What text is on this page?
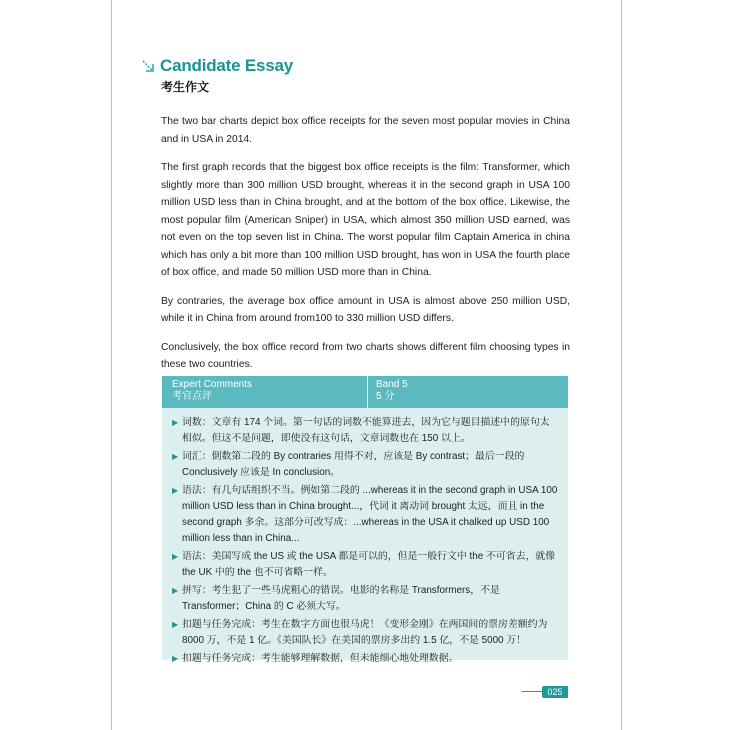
Candidate Essay
考生作文

The two bar charts depict box office receipts for the seven most popular movies in China and in USA in 2014.

The first graph records that the biggest box office receipts is the film: Transformer, which slightly more than 300 million USD brought, whereas it in the second graph in USA 100 million USD less than in China brought, and at the bottom of the box office. Likewise, the most popular film (American Sniper) in USA, which almost 350 million USD earned, was not even on the top seven list in China. The worst popular film Captain America in china which has only a bit more than 100 million USD brought, has won in USA the fourth place of box office, and made 50 million USD more than in China.

By contraries, the average box office amount in USA is almost above 250 million USD, while it in China from around from100 to 330 million USD differs.

Conclusively, the box office record from two charts shows different film choosing types in these two countries.

Expert Comments
考官点评
Band 5
5 分
▶ 词数：文章有 174 个词。第一句话的词数不能算进去，因为它与题目描述中的原句太相似。但这不是问题，即使没有这句话，文章词数也在 150 以上。
▶ 词汇：倒数第二段的 By contraries 用得不对，应该是 By contrast；最后一段的 Conclusively 应该是 In conclusion。
▶ 语法：有几句话组织不当。例如第二段的 ...whereas it in the second graph in USA 100 million USD less than in China brought...，代词 it 离动词 brought 太远，而且 in the second graph 多余。这部分可改写成：...whereas in the USA it chalked up USD 100 million less than in China...
▶ 语法：美国写成 the US 或 the USA 都是可以的，但是一般行文中 the 不可省去，就像 the UK 中的 the 也不可省略一样。
▶ 拼写：考生犯了一些马虎粗心的错误。电影的名称是 Transformers，不是 Transformer；China 的 C 必须大写。
▶ 扣题与任务完成：考生在数字方面也很马虎！《变形金刚》在两国间的票房差额约为 8000 万，不是 1 亿。《美国队长》在美国的票房多出约 1.5 亿，不是 5000 万！
▶ 扣题与任务完成：考生能够理解数据，但未能细心地处理数据。
025
